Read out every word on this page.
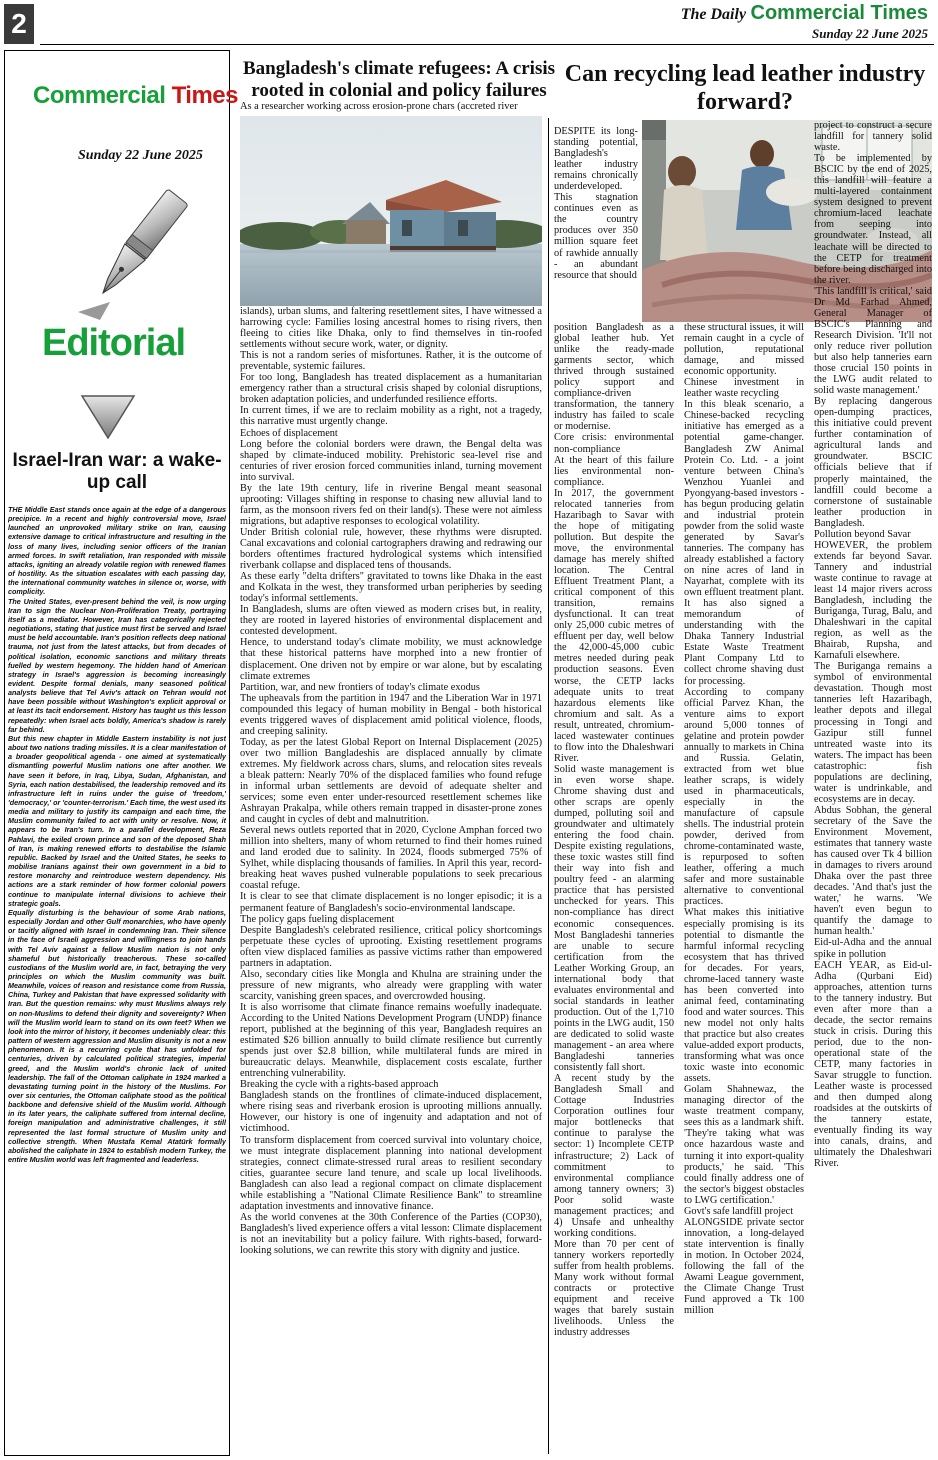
2	The Daily Commercial Times
Sunday 22 June 2025
Commercial Times
Sunday 22 June 2025
Editorial
Israel-Iran war: a wake-up call

THE Middle East stands once again at the edge of a dangerous precipice. In a recent and highly controversial move, Israel launched an unprovoked military strike on Iran, causing extensive damage to critical infrastructure and resulting in the loss of many lives, including senior officers of the Iranian armed forces. In swift retaliation, Iran responded with missile attacks, igniting an already volatile region with renewed flames of hostility. As the situation escalates with each passing day, the international community watches in silence or, worse, with complicity.

The United States, ever-present behind the veil, is now urging Iran to sign the Nuclear Non-Proliferation Treaty, portraying itself as a mediator. However, Iran has categorically rejected negotiations, stating that justice must first be served and Israel must be held accountable. Iran's position reflects deep national trauma, not just from the latest attacks, but from decades of political isolation, economic sanctions and military threats fuelled by western hegemony. The hidden hand of American strategy in Israel's aggression is becoming increasingly evident. Despite formal denials, many seasoned political analysts believe that Tel Aviv's attack on Tehran would not have been possible without Washington's explicit approval or at least its tacit endorsement. History has taught us this lesson repeatedly: when Israel acts boldly, America's shadow is rarely far behind.

But this new chapter in Middle Eastern instability is not just about two nations trading missiles. It is a clear manifestation of a broader geopolitical agenda - one aimed at systematically dismantling powerful Muslim nations one after another. We have seen it before, in Iraq, Libya, Sudan, Afghanistan, and Syria, each nation destabilised, the leadership removed and its infrastructure left in ruins under the guise of 'freedom,' 'democracy,' or 'counter-terrorism.' Each time, the west used its media and military to justify its campaign and each time, the Muslim community failed to act with unity or resolve. Now, it appears to be Iran's turn. In a parallel development, Reza Pahlavi, the exiled crown prince and son of the deposed Shah of Iran, is making renewed efforts to destabilise the Islamic republic. Backed by Israel and the United States, he seeks to mobilise Iranians against their own government in a bid to restore monarchy and reintroduce western dependency. His actions are a stark reminder of how former colonial powers continue to manipulate internal divisions to achieve their strategic goals.

Equally disturbing is the behaviour of some Arab nations, especially Jordan and other Gulf monarchies, who have openly or tacitly aligned with Israel in condemning Iran. Their silence in the face of Israeli aggression and willingness to join hands with Tel Aviv against a fellow Muslim nation is not only shameful but historically treacherous. These so-called custodians of the Muslim world are, in fact, betraying the very principles on which the Muslim community was built. Meanwhile, voices of reason and resistance come from Russia, China, Turkey and Pakistan that have expressed solidarity with Iran. But the question remains: why must Muslims always rely on non-Muslims to defend their dignity and sovereignty? When will the Muslim world learn to stand on its own feet? When we look into the mirror of history, it becomes undeniably clear: this pattern of western aggression and Muslim disunity is not a new phenomenon. It is a recurring cycle that has unfolded for centuries, driven by calculated political strategies, imperial greed, and the Muslim world's chronic lack of united leadership. The fall of the Ottoman caliphate in 1924 marked a devastating turning point in the history of the Muslims. For over six centuries, the Ottoman caliphate stood as the political backbone and defensive shield of the Muslim world. Although in its later years, the caliphate suffered from internal decline, foreign manipulation and administrative challenges, it still represented the last formal structure of Muslim unity and collective strength. When Mustafa Kemal Atatürk formally abolished the caliphate in 1924 to establish modern Turkey, the entire Muslim world was left fragmented and leaderless.

Bangladesh's climate refugees: A crisis rooted in colonial and policy failures
As a researcher working across erosion-prone chars (accreted river

islands), urban slums, and faltering resettlement sites, I have witnessed a harrowing cycle: Families losing ancestral homes to rising rivers, then fleeing to cities like Dhaka, only to find themselves in tin-roofed settlements without secure work, water, or dignity.

This is not a random series of misfortunes. Rather, it is the outcome of preventable, systemic failures.

For too long, Bangladesh has treated displacement as a humanitarian emergency rather than a structural crisis shaped by colonial disruptions, broken adaptation policies, and underfunded resilience efforts.

In current times, if we are to reclaim mobility as a right, not a tragedy, this narrative must urgently change.

Echoes of displacement

Long before the colonial borders were drawn, the Bengal delta was shaped by climate-induced mobility. Prehistoric sea-level rise and centuries of river erosion forced communities inland, turning movement into survival.

By the late 19th century, life in riverine Bengal meant seasonal uprooting: Villages shifting in response to chasing new alluvial land to farm, as the monsoon rivers fed on their land(s). These were not aimless migrations, but adaptive responses to ecological volatility.

Under British colonial rule, however, these rhythms were disrupted. Canal excavations and colonial cartographers drawing and redrawing our borders oftentimes fractured hydrological systems which intensified riverbank collapse and displaced tens of thousands.

As these early "delta drifters" gravitated to towns like Dhaka in the east and Kolkata in the west, they transformed urban peripheries by seeding today's informal settlements.

In Bangladesh, slums are often viewed as modern crises but, in reality, they are rooted in layered histories of environmental displacement and contested development.

Hence, to understand today's climate mobility, we must acknowledge that these historical patterns have morphed into a new frontier of displacement. One driven not by empire or war alone, but by escalating climate extremes

Partition, war, and new frontiers of today's climate exodus

The upheavals from the partition in 1947 and the Liberation War in 1971 compounded this legacy of human mobility in Bengal - both historical events triggered waves of displacement amid political violence, floods, and creeping salinity.

Today, as per the latest Global Report on Internal Displacement (2025) over two million Bangladeshis are displaced annually by climate extremes. My fieldwork across chars, slums, and relocation sites reveals a bleak pattern: Nearly 70% of the displaced families who found refuge in informal urban settlements are devoid of adequate shelter and services; some even enter under-resourced resettlement schemes like Ashrayan Prakalpa, while others remain trapped in disaster-prone zones and caught in cycles of debt and malnutrition.

Several news outlets reported that in 2020, Cyclone Amphan forced two million into shelters, many of whom returned to find their homes ruined and land eroded due to salinity. In 2024, floods submerged 75% of Sylhet, while displacing thousands of families. In April this year, record-breaking heat waves pushed vulnerable populations to seek precarious coastal refuge.

It is clear to see that climate displacement is no longer episodic; it is a permanent feature of Bangladesh's socio-environmental landscape.

The policy gaps fueling displacement

Despite Bangladesh's celebrated resilience, critical policy shortcomings perpetuate these cycles of uprooting. Existing resettlement programs often view displaced families as passive victims rather than empowered partners in adaptation.

Also, secondary cities like Mongla and Khulna are straining under the pressure of new migrants, who already were grappling with water scarcity, vanishing green spaces, and overcrowded housing.

It is also worrisome that climate finance remains woefully inadequate. According to the United Nations Development Program (UNDP) finance report, published at the beginning of this year, Bangladesh requires an estimated $26 billion annually to build climate resilience but currently spends just over $2.8 billion, while multilateral funds are mired in bureaucratic delays. Meanwhile, displacement costs escalate, further entrenching vulnerability.

Breaking the cycle with a rights-based approach

Bangladesh stands on the frontlines of climate-induced displacement, where rising seas and riverbank erosion is uprooting millions annually. However, our history is one of ingenuity and adaptation and not of victimhood.

To transform displacement from coerced survival into voluntary choice, we must integrate displacement planning into national development strategies, connect climate-stressed rural areas to resilient secondary cities, guarantee secure land tenure, and scale up local livelihoods. Bangladesh can also lead a regional compact on climate displacement while establishing a "National Climate Resilience Bank" to streamline adaptation investments and innovative finance.

As the world convenes at the 30th Conference of the Parties (COP30), Bangladesh's lived experience offers a vital lesson: Climate displacement is not an inevitability but a policy failure. With rights-based, forward-looking solutions, we can rewrite this story with dignity and justice.

Can recycling lead leather industry forward?

DESPITE its long-standing potential, Bangladesh's leather industry remains chronically underdeveloped. This stagnation continues even as the country produces over 350 million square feet of rawhide annually - an abundant resource that should

position Bangladesh as a global leather hub. Yet unlike the ready-made garments sector, which thrived through sustained policy support and compliance-driven transformation, the tannery industry has failed to scale or modernise.

Core crisis: environmental non-compliance

At the heart of this failure lies environmental non-compliance.

In 2017, the government relocated tanneries from Hazaribagh to Savar with the hope of mitigating pollution. But despite the move, the environmental damage has merely shifted location. The Central Effluent Treatment Plant, a critical component of this transition, remains dysfunctional. It can treat only 25,000 cubic metres of effluent per day, well below the 42,000-45,000 cubic metres needed during peak production seasons. Even worse, the CETP lacks adequate units to treat hazardous elements like chromium and salt. As a result, untreated, chromium-laced wastewater continues to flow into the Dhaleshwari River.

Solid waste management is in even worse shape. Chrome shaving dust and other scraps are openly dumped, polluting soil and groundwater and ultimately entering the food chain. Despite existing regulations, these toxic wastes still find their way into fish and poultry feed - an alarming practice that has persisted unchecked for years. This non-compliance has direct economic consequences. Most Bangladeshi tanneries are unable to secure certification from the Leather Working Group, an international body that evaluates environmental and social standards in leather production. Out of the 1,710 points in the LWG audit, 150 are dedicated to solid waste management - an area where Bangladeshi tanneries consistently fall short.

A recent study by the Bangladesh Small and Cottage Industries Corporation outlines four major bottlenecks that continue to paralyse the sector: 1) Incomplete CETP infrastructure; 2) Lack of commitment to environmental compliance among tannery owners; 3) Poor solid waste management practices; and 4) Unsafe and unhealthy working conditions.

More than 70 per cent of tannery workers reportedly suffer from health problems. Many work without formal contracts or protective equipment and receive wages that barely sustain livelihoods. Unless the industry addresses

these structural issues, it will remain caught in a cycle of pollution, reputational damage, and missed economic opportunity.

Chinese investment in leather waste recycling

In this bleak scenario, a Chinese-backed recycling initiative has emerged as a potential game-changer. Bangladesh ZW Animal Protein Co. Ltd. - a joint venture between China's Wenzhou Yuanlei and Pyongyang-based investors - has begun producing gelatin and industrial protein powder from the solid waste generated by Savar's tanneries. The company has already established a factory on nine acres of land in Nayarhat, complete with its own effluent treatment plant. It has also signed a memorandum of understanding with the Dhaka Tannery Industrial Estate Waste Treatment Plant Company Ltd to collect chrome shaving dust for processing.

According to company official Parvez Khan, the venture aims to export around 5,000 tonnes of gelatine and protein powder annually to markets in China and Russia. Gelatin, extracted from wet blue leather scraps, is widely used in pharmaceuticals, especially in the manufacture of capsule shells. The industrial protein powder, derived from chrome-contaminated waste, is repurposed to soften leather, offering a much safer and more sustainable alternative to conventional practices.

What makes this initiative especially promising is its potential to dismantle the harmful informal recycling ecosystem that has thrived for decades. For years, chrome-laced tannery waste has been converted into animal feed, contaminating food and water sources. This new model not only halts that practice but also creates value-added export products, transforming what was once toxic waste into economic assets.

Golam Shahnewaz, the managing director of the waste treatment company, sees this as a landmark shift. 'They're taking what was once hazardous waste and turning it into export-quality products,' he said. 'This could finally address one of the sector's biggest obstacles to LWG certification.'

Govt's safe landfill project

ALONGSIDE private sector innovation, a long-delayed state intervention is finally in motion. In October 2024, following the fall of the Awami League government, the Climate Change Trust Fund approved a Tk 100 million

project to construct a secure landfill for tannery solid waste.

To be implemented by BSCIC by the end of 2025, this landfill will feature a multi-layered containment system designed to prevent chromium-laced leachate from seeping into groundwater. Instead, all leachate will be directed to the CETP for treatment before being discharged into the river.

'This landfill is critical,' said Dr Md Farhad Ahmed, General Manager of BSCIC's Planning and Research Division. 'It'll not only reduce river pollution but also help tanneries earn those crucial 150 points in the LWG audit related to solid waste management.'

By replacing dangerous open-dumping practices, this initiative could prevent further contamination of agricultural lands and groundwater. BSCIC officials believe that if properly maintained, the landfill could become a cornerstone of sustainable leather production in Bangladesh.

Pollution beyond Savar

HOWEVER, the problem extends far beyond Savar. Tannery and industrial waste continue to ravage at least 14 major rivers across Bangladesh, including the Buriganga, Turag, Balu, and Dhaleshwari in the capital region, as well as the Bhairab, Rupsha, and Karnafuli elsewhere.

The Buriganga remains a symbol of environmental devastation. Though most tanneries left Hazaribagh, leather depots and illegal processing in Tongi and Gazipur still funnel untreated waste into its waters. The impact has been catastrophic: fish populations are declining, water is undrinkable, and ecosystems are in decay.

Abdus Sobhan, the general secretary of the Save the Environment Movement, estimates that tannery waste has caused over Tk 4 billion in damages to rivers around Dhaka over the past three decades. 'And that's just the water,' he warns. 'We haven't even begun to quantify the damage to human health.'

Eid-ul-Adha and the annual spike in pollution

EACH YEAR, as Eid-ul-Adha (Qurbani Eid) approaches, attention turns to the tannery industry. But even after more than a decade, the sector remains stuck in crisis. During this period, due to the non-operational state of the CETP, many factories in Savar struggle to function. Leather waste is processed and then dumped along roadsides at the outskirts of the tannery estate, eventually finding its way into canals, drains, and ultimately the Dhaleshwari River.
